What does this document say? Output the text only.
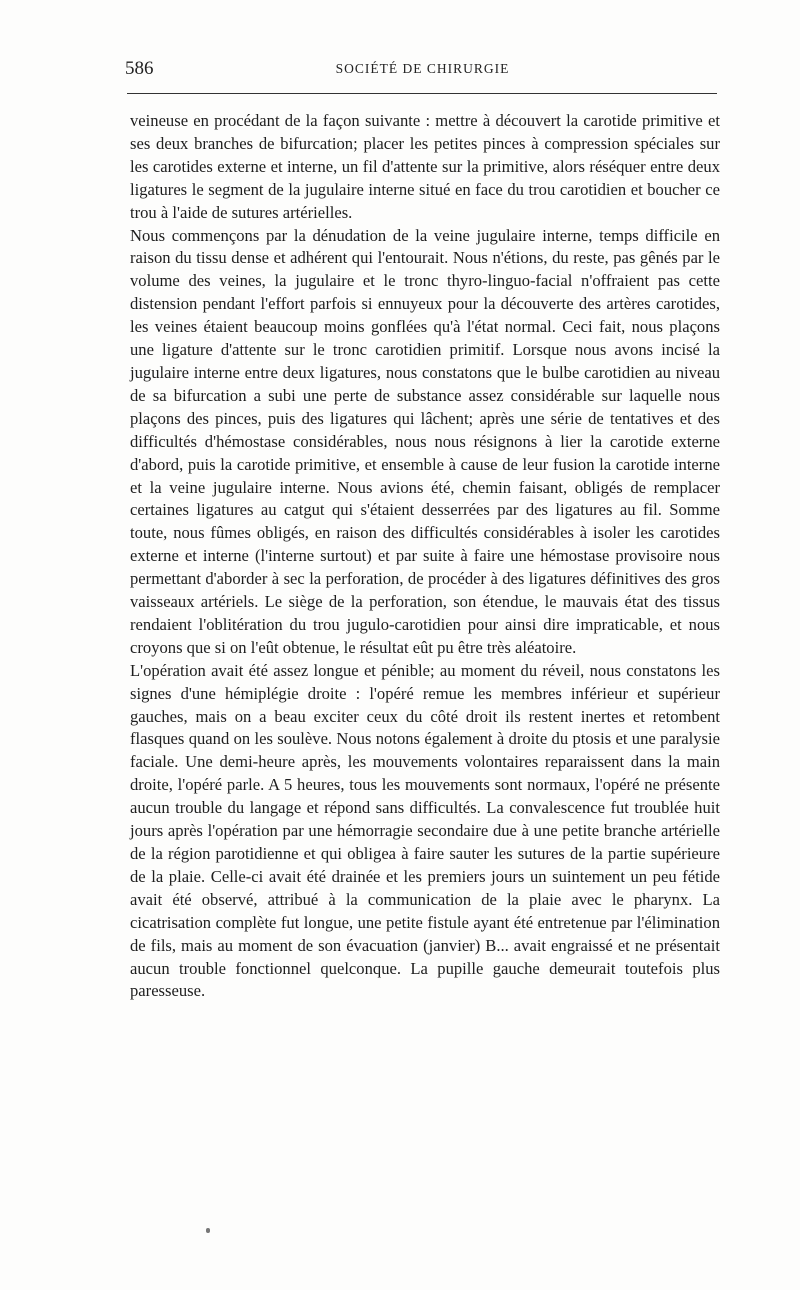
586	SOCIÉTÉ DE CHIRURGIE

veineuse en procédant de la façon suivante : mettre à découvert la carotide primitive et ses deux branches de bifurcation; placer les petites pinces à compression spéciales sur les carotides externe et interne, un fil d'attente sur la primitive, alors réséquer entre deux ligatures le segment de la jugulaire interne situé en face du trou carotidien et boucher ce trou à l'aide de sutures artérielles.

Nous commençons par la dénudation de la veine jugulaire interne, temps difficile en raison du tissu dense et adhérent qui l'entourait. Nous n'étions, du reste, pas gênés par le volume des veines, la jugulaire et le tronc thyro-linguo-facial n'offraient pas cette distension pendant l'effort parfois si ennuyeux pour la découverte des artères carotides, les veines étaient beaucoup moins gonflées qu'à l'état normal. Ceci fait, nous plaçons une ligature d'attente sur le tronc carotidien primitif. Lorsque nous avons incisé la jugulaire interne entre deux ligatures, nous constatons que le bulbe carotidien au niveau de sa bifurcation a subi une perte de substance assez considérable sur laquelle nous plaçons des pinces, puis des ligatures qui lâchent; après une série de tentatives et des difficultés d'hémostase considérables, nous nous résignons à lier la carotide externe d'abord, puis la carotide primitive, et ensemble à cause de leur fusion la carotide interne et la veine jugulaire interne. Nous avions été, chemin faisant, obligés de remplacer certaines ligatures au catgut qui s'étaient desserrées par des ligatures au fil. Somme toute, nous fûmes obligés, en raison des difficultés considérables à isoler les carotides externe et interne (l'interne surtout) et par suite à faire une hémostase provisoire nous permettant d'aborder à sec la perforation, de procéder à des ligatures définitives des gros vaisseaux artériels. Le siège de la perforation, son étendue, le mauvais état des tissus rendaient l'oblitération du trou jugulo-carotidien pour ainsi dire impraticable, et nous croyons que si on l'eût obtenue, le résultat eût pu être très aléatoire.

L'opération avait été assez longue et pénible; au moment du réveil, nous constatons les signes d'une hémiplégie droite : l'opéré remue les membres inférieur et supérieur gauches, mais on a beau exciter ceux du côté droit ils restent inertes et retombent flasques quand on les soulève. Nous notons également à droite du ptosis et une paralysie faciale. Une demi-heure après, les mouvements volontaires reparaissent dans la main droite, l'opéré parle. A 5 heures, tous les mouvements sont normaux, l'opéré ne présente aucun trouble du langage et répond sans difficultés. La convalescence fut troublée huit jours après l'opération par une hémorragie secondaire due à une petite branche artérielle de la région parotidienne et qui obligea à faire sauter les sutures de la partie supérieure de la plaie. Celle-ci avait été drainée et les premiers jours un suintement un peu fétide avait été observé, attribué à la communication de la plaie avec le pharynx. La cicatrisation complète fut longue, une petite fistule ayant été entretenue par l'élimination de fils, mais au moment de son évacuation (janvier) B... avait engraissé et ne présentait aucun trouble fonctionnel quelconque. La pupille gauche demeurait toutefois plus paresseuse.
